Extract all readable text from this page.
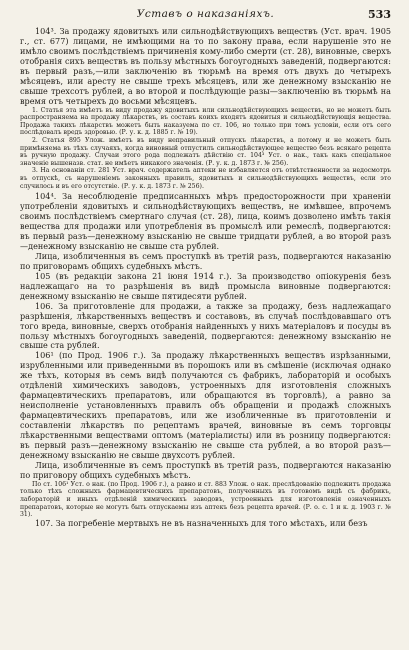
Уставъ о наказаніяхъ.	533

104³. За продажу ядовитыхъ или сильнодѣйствующихъ веществъ (Уст. врач. 1905 г., ст. 677) лицами, не имѣющими на то по закону права, если нарушеніе это не имѣло своимъ послѣдствіемъ причиненія кому-либо смерти (ст. 28), виновные, сверхъ отобранія сихъ веществъ въ пользу мѣстныхъ богоугодныхъ заведеній, подвергаются: въ первый разъ,—или заключенію въ тюрьмѣ на время отъ двухъ до четырехъ мѣсяцевъ, или аресту не свыше трехъ мѣсяцевъ, или же денежному взысканію не свыше трехсотъ рублей, а во второй и послѣдующіе разы—заключенію въ тюрьмѣ на время отъ четырехъ до восьми мѣсяцевъ.

1. Статья эта имѣетъ въ виду продажу ядовитыхъ или сильнодѣйствующихъ веществъ, но не можетъ быть распространяема на продажу лѣкарствъ, въ составъ коихъ входятъ ядовитыя и сильнодѣйствующія вещества. Продажа такихъ лѣкарствъ можетъ быть наказуема по ст. 106, но только при томъ условіи, если отъ сего послѣдовалъ вредъ здоровью. (Р. у. к. д. 1885 г. № 19).

2. Статья 895 Улож. имѣетъ въ виду неправильный отпускъ лѣкарствъ, а потому и не можетъ быть примѣняема въ тѣхъ случаяхъ, когда виновный отпустилъ сильнодѣйствующее вещество безъ всякаго рецепта въ ручную продажу. Случаи этого рода подлежатъ дѣйствію ст. 104³ Уст. о нак., такъ какъ спеціальное значеніе вышеназв. стат. не имѣетъ никакого значенія. (Р. у. к. д. 1873 г. № 256).

3. На основаніи ст. 281 Уст. врач. содержатель аптеки не избавляется отъ отвѣтственности за недосмотръ въ отпускѣ, съ нарушеніемъ законныхъ правилъ, ядовитыхъ и сильнодѣйствующихъ веществъ, если это случилось и въ его отсутствіе. (Р. у. к. д. 1873 г. № 256).

104⁴. За несоблюденіе предписанныхъ мѣръ предосторожности при храненіи употребленіи ядовитыхъ и сильнодѣйствующихъ веществъ, не имѣвшее, впрочемъ своимъ послѣдствіемъ смертнаго случая (ст. 28), лица, коимъ дозволено имѣть такія вещества для продажи или употребленія въ промыслѣ или ремеслѣ, подвергаются: въ первый разъ—денежному взысканію не свыше тридцати рублей, а во второй разъ—денежному взысканію не свыше ста рублей.

Лица, изобличенныя въ семъ проступкѣ въ третій разъ, подвергаются наказанію по приговорамъ общихъ судебныхъ мѣстъ.

105 (въ редакціи закона 21 іюня 1914 г.). За производство опіокуренія безъ надлежащаго на то разрѣшенія въ видѣ промысла виновные подвергаются: денежному взысканію не свыше пятидесяти рублей.

106. За приготовленіе для продажи, а также за продажу, безъ надлежащаго разрѣшенія, лѣкарственныхъ веществъ и составовъ, въ случаѣ послѣдовавшаго отъ того вреда, виновные, сверхъ отобранія найденныхъ у нихъ матеріаловъ и посуды въ пользу мѣстныхъ богоугодныхъ заведеній, подвергаются: денежному взысканію не свыше ста рублей.

106¹ (по Прод. 1906 г.). За продажу лѣкарственныхъ веществъ изрѣзанными, изрубленными или приведенными въ порошокъ или въ смѣшеніе (исключая однако же тѣхъ, которыя въ семъ видѣ получаются съ фабрикъ, лабораторій и особыхъ отдѣленій химическихъ заводовъ, устроенныхъ для изготовленія сложныхъ фармацевтическихъ препаратовъ, или обращаются въ торговлѣ), а равно за неисполненіе установленныхъ правилъ объ обращеніи и продажѣ сложныхъ фармацевтическихъ препаратовъ, или же изобличенные въ приготовленіи и составленіи лѣкарствъ по рецептамъ врачей, виновные въ семъ торговцы лѣкарственными веществами оптомъ (матеріалисты) или въ розницу подвергаются: въ первый разъ—денежному взысканію не свыше ста рублей, а во второй разъ—денежному взысканію не свыше двухсотъ рублей.

Лица, изобличенные въ семъ проступкѣ въ третій разъ, подвергаются наказанію по приговору общихъ судебныхъ мѣстъ.

По ст. 106¹ Уст. о нак. (по Прод. 1906 г.), а равно и ст. 883 Улож. о нак. преслѣдованію подлежитъ продажа только тѣхъ сложныхъ фармацевтическихъ препаратовъ, полученныхъ въ готовомъ видѣ съ фабрикъ, лабораторій и иныхъ отдѣленій химическихъ заводовъ, устроенныхъ для изготовленія означенныхъ препаратовъ, которые не могутъ быть отпускаемы изъ аптекъ безъ рецепта врачей. (Р. о. с. 1 и к. д. 1903 г. № 31).

107. За погребеніе мертвыхъ не въ назначенныхъ для того мѣстахъ, или безъ
